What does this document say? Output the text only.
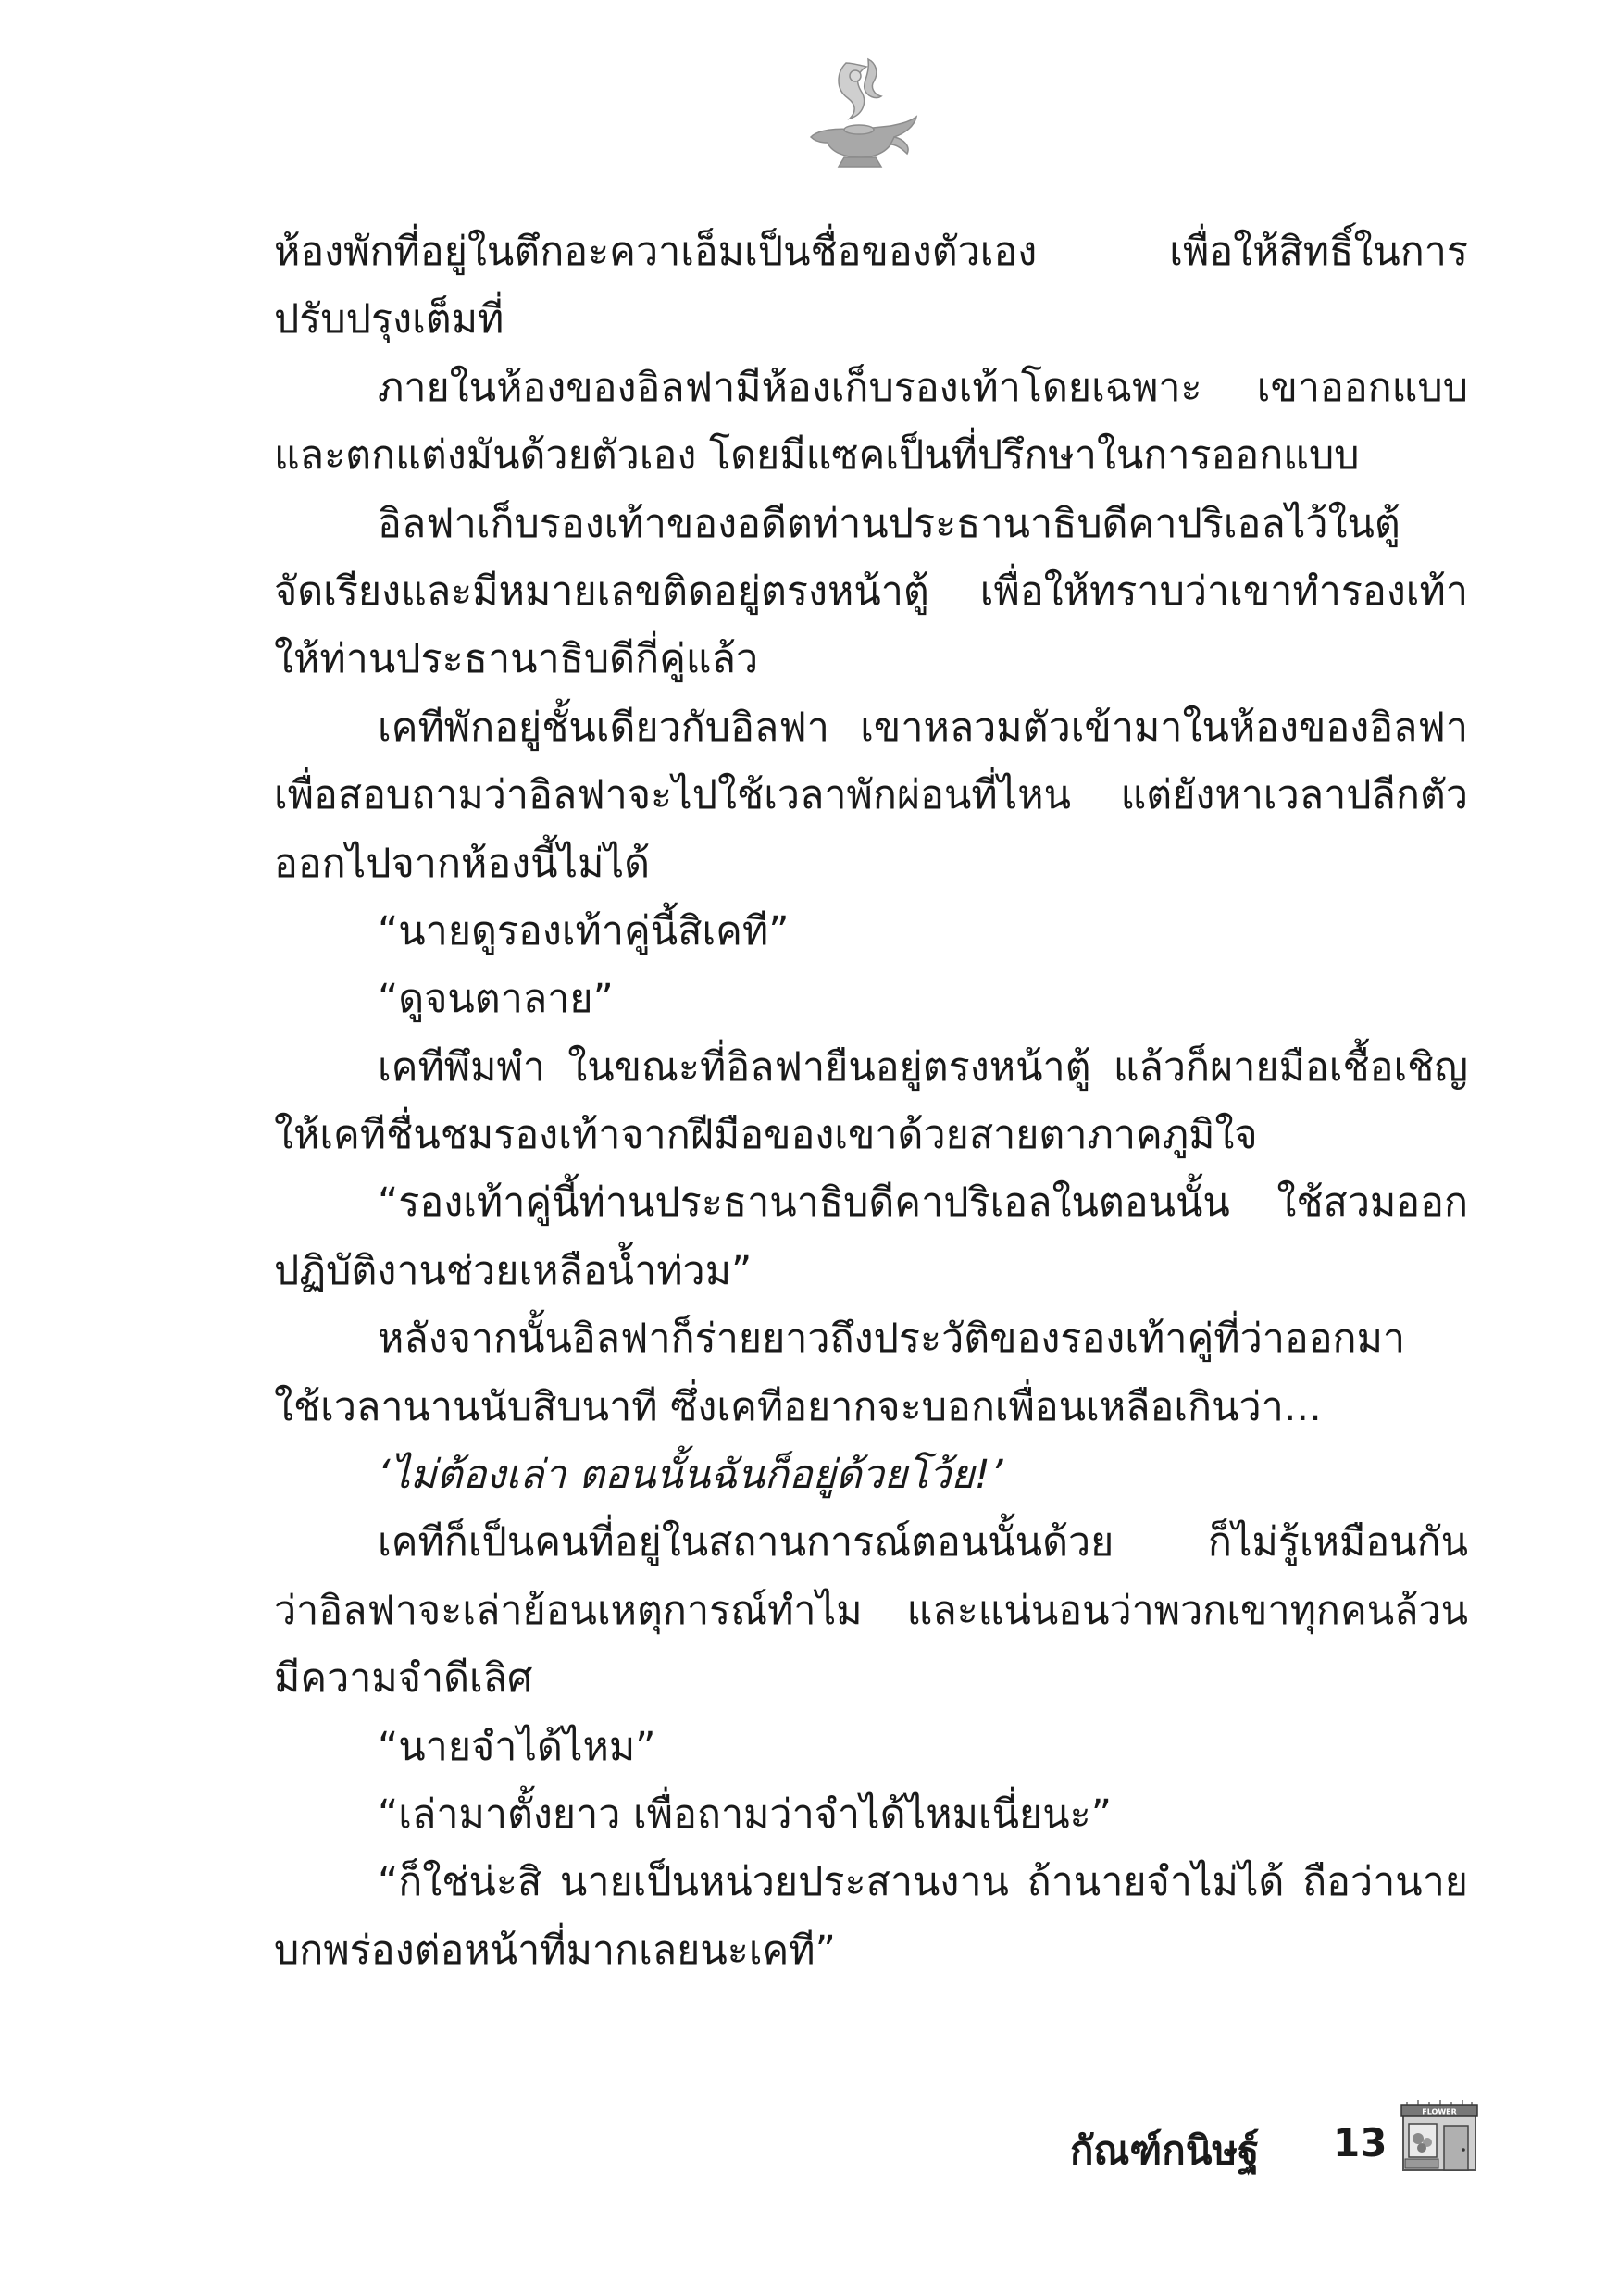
ห้องพักที่อยู่ในตึกอะควาเอ็มเป็นชื่อของตัวเอง เพื่อให้สิทธิ์ในการ
ปรับปรุงเต็มที่
ภายในห้องของอิลฟามีห้องเก็บรองเท้าโดยเฉพาะ เขาออกแบบ
และตกแต่งมันด้วยตัวเอง โดยมีแซคเป็นที่ปรึกษาในการออกแบบ
อิลฟาเก็บรองเท้าของอดีตท่านประธานาธิบดีคาปริเอลไว้ในตู้
จัดเรียงและมีหมายเลขติดอยู่ตรงหน้าตู้ เพื่อให้ทราบว่าเขาทำรองเท้า
ให้ท่านประธานาธิบดีกี่คู่แล้ว
เคทีพักอยู่ชั้นเดียวกับอิลฟา เขาหลวมตัวเข้ามาในห้องของอิลฟา
เพื่อสอบถามว่าอิลฟาจะไปใช้เวลาพักผ่อนที่ไหน แต่ยังหาเวลาปลีกตัว
ออกไปจากห้องนี้ไม่ได้
“นายดูรองเท้าคู่นี้สิเคที”
“ดูจนตาลาย”
เคทีพึมพำ ในขณะที่อิลฟายืนอยู่ตรงหน้าตู้ แล้วก็ผายมือเชื้อเชิญ
ให้เคทีชื่นชมรองเท้าจากฝีมือของเขาด้วยสายตาภาคภูมิใจ
“รองเท้าคู่นี้ท่านประธานาธิบดีคาปริเอลในตอนนั้น ใช้สวมออก
ปฏิบัติงานช่วยเหลือน้ำท่วม”
หลังจากนั้นอิลฟาก็ร่ายยาวถึงประวัติของรองเท้าคู่ที่ว่าออกมา
ใช้เวลานานนับสิบนาที ซึ่งเคทีอยากจะบอกเพื่อนเหลือเกินว่า...
‘ไม่ต้องเล่า ตอนนั้นฉันก็อยู่ด้วยโว้ย!’
เคทีก็เป็นคนที่อยู่ในสถานการณ์ตอนนั้นด้วย ก็ไม่รู้เหมือนกัน
ว่าอิลฟาจะเล่าย้อนเหตุการณ์ทำไม และแน่นอนว่าพวกเขาทุกคนล้วน
มีความจำดีเลิศ
“นายจำได้ไหม”
“เล่ามาตั้งยาว เพื่อถามว่าจำได้ไหมเนี่ยนะ”
“ก็ใช่น่ะสิ นายเป็นหน่วยประสานงาน ถ้านายจำไม่ได้ ถือว่านาย
บกพร่องต่อหน้าที่มากเลยนะเคที”
กัณฑ์กนิษฐ์ 13
FLOWER
